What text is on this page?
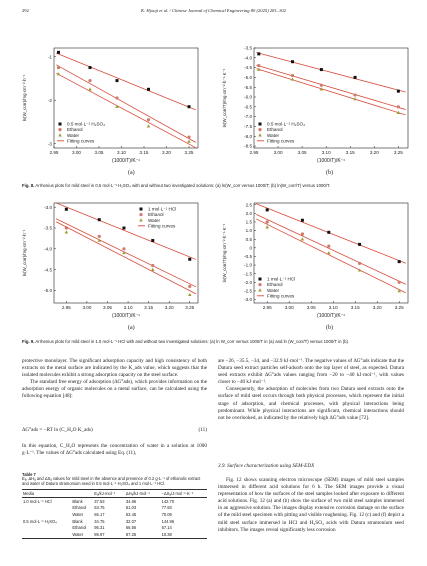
292	K. Hjouji et al. / Chinese Journal of Chemical Engineering 80 (2025) 281–302
2.95	3.00	3.05	3.10	3.15	3.20	3.25
-1
-2
-3
(1000/T)/K⁻¹
ln(W_corr)/mg·cm⁻²·h⁻¹
0.5 mol·L⁻¹ H₂SO₄
Ethanol
Water
Fitting curves
2.95	3.00	3.05	3.10	3.15	3.20	3.25
-3.5
-4.0
-4.5
-5.0
-5.5
-6.0
-6.5
-7.0
-7.5
-8.0
-8.5
(1000/T)/K⁻¹
ln(W_corr/T)/mg·cm⁻²·h⁻¹·K⁻¹	0.5 mol·L⁻¹ H₂SO₄
Ethanol
Water
Fitting curves
(a)	(b)
Fig. 8. Arrhenius plots for mild steel in 0.5 mol·L⁻¹ H₂SO₄ with and without two investigated solutions: (a) ln(W_corr versus 1000/T; (b) ln(W_corr/T) versus 1000/T.
2.95	3.00	3.05	3.10	3.15	3.20	3.25
-3.0
-3.5
-4.0
-4.5
-5.0
(1000/T)/K⁻¹
ln(W_corr)/mg·cm⁻²·h⁻¹
1 mol·L⁻¹ HCl
Ethanol
Water
Fitting curves
2.95	3.00	3.05	3.10	3.15	3.20	3.25
2.5
2.0
1.5
1.0
0.5
0
-0.5
-1.0
-1.5
-2.0
-2.5
-3.0
(1000/T)/K⁻¹
ln(W_corr/T)/mg·cm⁻²·h⁻¹·K⁻¹	1 mol·L⁻¹ HCl
Ethanol
Water
Fitting curves
(a)	(b)
Fig. 9. Arrhenius plots for mild steel in 1.0 mol·L⁻¹ HCl with and without two investigated solutions: (a) ln W_corr versus 1000/T in (a) and ln (W_corr/T) versus 1000/T in (b).

protective monolayer. The significant adsorption capacity and high consistency of both extracts on the metal surface are indicated by the K_ads value, which suggests that the isolated molecules exhibit a strong adsorption capacity on the steel surface.

The standard free energy of adsorption (ΔG°ads), which provides information on the adsorption energy of organic molecules on a metal surface, can be calculated using the following equation [48]:

ΔG°ads = −RT ln (C_H₂O K_ads)	(11)

In this equation, C_H₂O represents the concentration of water in a solution at 1000 g·L⁻¹. The values of ΔG°ads calculated using Eq. (11),

Table 7
Eₐ, ΔHₐ and ΔSₐ values for mild steel in the absence and presence of 0.2 g·L⁻¹ of ethanolic extract and water of Datura stramonium seed in 0.5 mol·L⁻¹ H₂SO₄ and 1 mol·L⁻¹ HCl.
Media		Eₐ/kJ·mol⁻¹	ΔHₐ/kJ·mol⁻¹	−ΔSₐ/J·mol⁻¹·K⁻¹
1.0 mol·L⁻¹ HCl	Blank	37.53	34.86	142.70
	Ethanol	63.75	61.03	77.93
	Water	66.17	63.45	70.09
0.5 mol·L⁻¹ H₂SO₄	Blank	34.75	32.07	144.95
	Ethanol	95.31	66.56	57.14
	Water	89.97	87.25	10.38

are −26, −35.5, −34, and −32.9 kJ·mol⁻¹. The negative values of ΔG°ads indicate that the Datura seed extract particles self-adsorb onto the top layer of steel, as expected. Datura seed extracts exhibit ΔG°ads values ranging from −20 to −40 kJ·mol⁻¹, with values closer to −40 kJ·mol⁻¹.

Consequently, the adsorption of molecules from two Datura seed extracts onto the surface of mild steel occurs through both physical processes, which represent the initial stage of adsorption, and chemical processes, with physical interactions being predominant. While physical interactions are significant, chemical interactions should not be overlooked, as indicated by the relatively high ΔG°ads value [72].

3.9. Surface characterization using SEM-EDX

Fig. 12 shows scanning electron microscope (SEM) images of mild steel samples immersed in different acid solutions for 6 h. The SEM images provide a visual representation of how the surfaces of the steel samples looked after exposure to different acid solutions. Fig. 12 (a) and (b) show the surface of two mild steel samples immersed in an aggressive solution. The images display extensive corrosion damage on the surface of the mild steel specimen with pitting and visible roughening. Fig. 12 (c) and (f) depict a mild steel surface immersed in HCl and H₂SO₄ acids with Datura stramonium seed inhibitors. The images reveal significantly less corrosion
